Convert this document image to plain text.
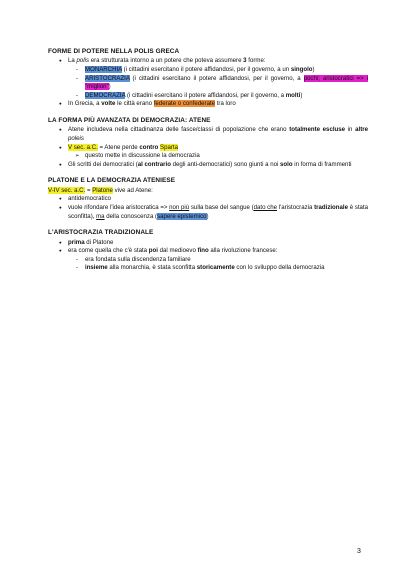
FORME DI POTERE NELLA POLIS GRECA
● La polis era strutturata intorno a un potere che poteva assumere 3 forme:
- MONARCHIA (i cittadini esercitano il potere affidandosi, per il governo, a un singolo)
- ARISTOCRAZIA (i cittadini esercitano il potere affidandosi, per il governo, a pochi; aristocratici => i "migliori")
- DEMOCRAZIA (i cittadini esercitano il potere affidandosi, per il governo, a molti)
● In Grecia, a volte le città erano federate o confederate tra loro
LA FORMA PIÙ AVANZATA DI DEMOCRAZIA: ATENE
● Atene includeva nella cittadinanza delle fasce/classi di popolazione che erano totalmente escluse in altre poleis
● V sec. a.C. = Atene perde contro Sparta
➢ questo mette in discussione la democrazia
● Gli scritti dei democratici (al contrario degli anti-democratici) sono giunti a noi solo in forma di frammenti
PLATONE E LA DEMOCRAZIA ATENIESE
V-IV sec. a.C. = Platone vive ad Atene:
● antidemocratico
● vuole rifondare l'idea aristocratica => non più sulla base del sangue (dato che l'aristocrazia tradizionale è stata sconfitta), ma della conoscenza (sapere epistemico)
L'ARISTOCRAZIA TRADIZIONALE
● prima di Platone
● era come quella che c'è stata poi dal medioevo fino alla rivoluzione francese:
- era fondata sulla discendenza familiare
- insieme alla monarchia, è stata sconfitta storicamente con lo sviluppo della democrazia
3
